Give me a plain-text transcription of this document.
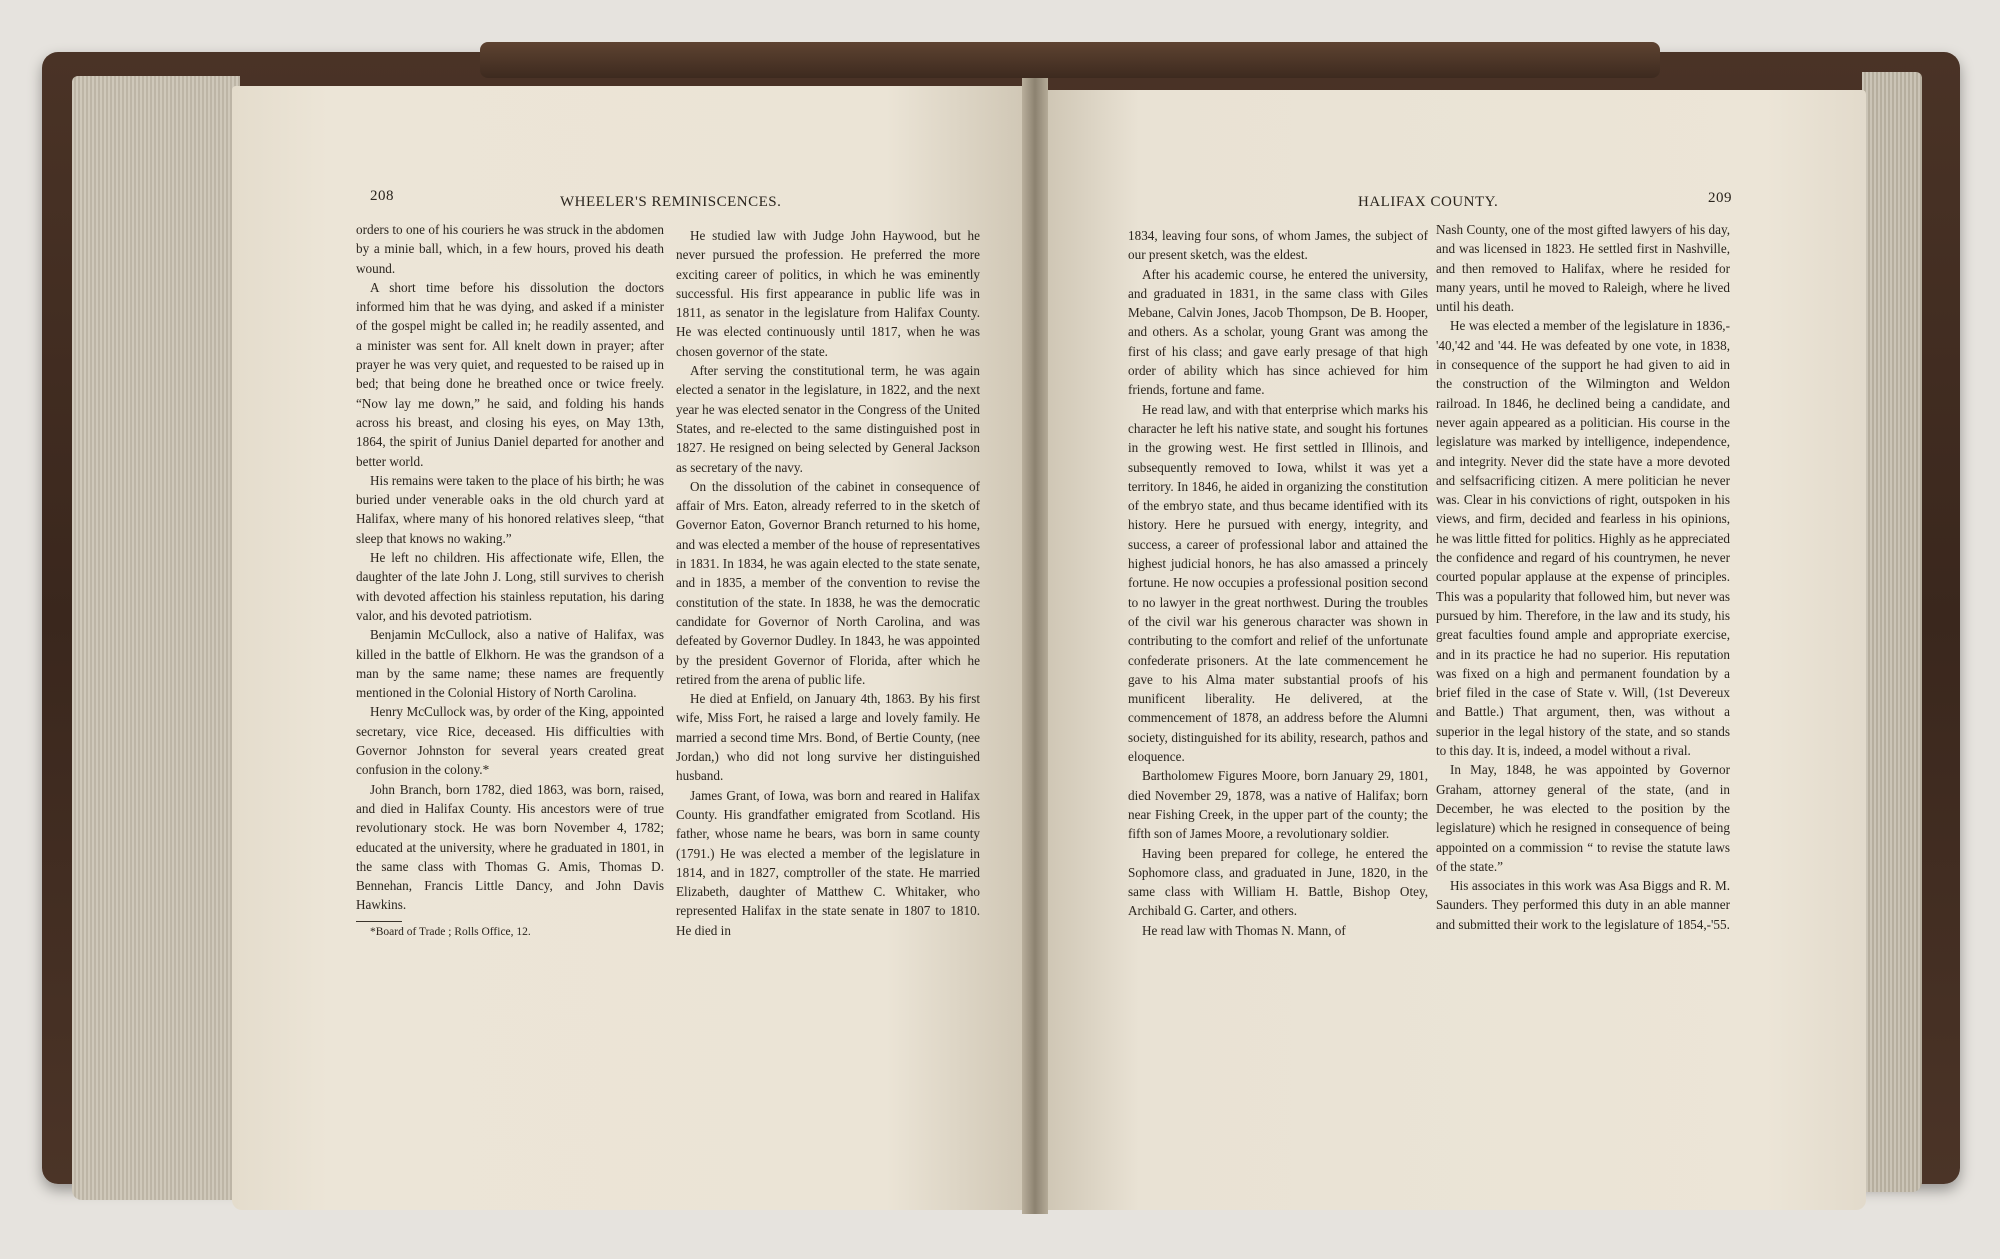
208	WHEELER'S REMINISCENCES.	HALIFAX COUNTY.	209

orders to one of his couriers he was struck in the abdomen by a minie ball, which, in a few hours, proved his death wound.

A short time before his dissolution the doctors informed him that he was dying, and asked if a minister of the gospel might be called in; he readily assented, and a minister was sent for. All knelt down in prayer; after prayer he was very quiet, and requested to be raised up in bed; that being done he breathed once or twice freely. “Now lay me down,” he said, and folding his hands across his breast, and closing his eyes, on May 13th, 1864, the spirit of Junius Daniel departed for another and better world.

His remains were taken to the place of his birth; he was buried under venerable oaks in the old church yard at Halifax, where many of his honored relatives sleep, “that sleep that knows no waking.”

He left no children. His affectionate wife, Ellen, the daughter of the late John J. Long, still survives to cherish with devoted affection his stainless reputation, his daring valor, and his devoted patriotism.

Benjamin McCullock, also a native of Halifax, was killed in the battle of Elkhorn. He was the grandson of a man by the same name; these names are frequently mentioned in the Colonial History of North Carolina.

Henry McCullock was, by order of the King, appointed secretary, vice Rice, deceased. His difficulties with Governor Johnston for several years created great confusion in the colony.*

John Branch, born 1782, died 1863, was born, raised, and died in Halifax County. His ancestors were of true revolutionary stock. He was born November 4, 1782; educated at the university, where he graduated in 1801, in the same class with Thomas G. Amis, Thomas D. Bennehan, Francis Little Dancy, and John Davis Hawkins.

*Board of Trade ; Rolls Office, 12.

He studied law with Judge John Haywood, but he never pursued the profession. He preferred the more exciting career of politics, in which he was eminently successful. His first appearance in public life was in 1811, as senator in the legislature from Halifax County. He was elected continuously until 1817, when he was chosen governor of the state.

After serving the constitutional term, he was again elected a senator in the legislature, in 1822, and the next year he was elected senator in the Congress of the United States, and re-elected to the same distinguished post in 1827. He resigned on being selected by General Jackson as secretary of the navy.

On the dissolution of the cabinet in consequence of affair of Mrs. Eaton, already referred to in the sketch of Governor Eaton, Governor Branch returned to his home, and was elected a member of the house of representatives in 1831. In 1834, he was again elected to the state senate, and in 1835, a member of the convention to revise the constitution of the state. In 1838, he was the democratic candidate for Governor of North Carolina, and was defeated by Governor Dudley. In 1843, he was appointed by the president Governor of Florida, after which he retired from the arena of public life.

He died at Enfield, on January 4th, 1863. By his first wife, Miss Fort, he raised a large and lovely family. He married a second time Mrs. Bond, of Bertie County, (nee Jordan,) who did not long survive her distinguished husband.

James Grant, of Iowa, was born and reared in Halifax County. His grandfather emigrated from Scotland. His father, whose name he bears, was born in same county (1791.) He was elected a member of the legislature in 1814, and in 1827, comptroller of the state. He married Elizabeth, daughter of Matthew C. Whitaker, who represented Halifax in the state senate in 1807 to 1810. He died in

1834, leaving four sons, of whom James, the subject of our present sketch, was the eldest.

After his academic course, he entered the university, and graduated in 1831, in the same class with Giles Mebane, Calvin Jones, Jacob Thompson, De B. Hooper, and others. As a scholar, young Grant was among the first of his class; and gave early presage of that high order of ability which has since achieved for him friends, fortune and fame.

He read law, and with that enterprise which marks his character he left his native state, and sought his fortunes in the growing west. He first settled in Illinois, and subsequently removed to Iowa, whilst it was yet a territory. In 1846, he aided in organizing the constitution of the embryo state, and thus became identified with its history. Here he pursued with energy, integrity, and success, a career of professional labor and attained the highest judicial honors, he has also amassed a princely fortune. He now occupies a professional position second to no lawyer in the great northwest. During the troubles of the civil war his generous character was shown in contributing to the comfort and relief of the unfortunate confederate prisoners. At the late commencement he gave to his Alma mater substantial proofs of his munificent liberality. He delivered, at the commencement of 1878, an address before the Alumni society, distinguished for its ability, research, pathos and eloquence.

Bartholomew Figures Moore, born January 29, 1801, died November 29, 1878, was a native of Halifax; born near Fishing Creek, in the upper part of the county; the fifth son of James Moore, a revolutionary soldier.

Having been prepared for college, he entered the Sophomore class, and graduated in June, 1820, in the same class with William H. Battle, Bishop Otey, Archibald G. Carter, and others.

He read law with Thomas N. Mann, of

Nash County, one of the most gifted lawyers of his day, and was licensed in 1823. He settled first in Nashville, and then removed to Halifax, where he resided for many years, until he moved to Raleigh, where he lived until his death.

He was elected a member of the legislature in 1836,-'40,'42 and '44. He was defeated by one vote, in 1838, in consequence of the support he had given to aid in the construction of the Wilmington and Weldon railroad. In 1846, he declined being a candidate, and never again appeared as a politician. His course in the legislature was marked by intelligence, independence, and integrity. Never did the state have a more devoted and selfsacrificing citizen. A mere politician he never was. Clear in his convictions of right, outspoken in his views, and firm, decided and fearless in his opinions, he was little fitted for politics. Highly as he appreciated the confidence and regard of his countrymen, he never courted popular applause at the expense of principles. This was a popularity that followed him, but never was pursued by him. Therefore, in the law and its study, his great faculties found ample and appropriate exercise, and in its practice he had no superior. His reputation was fixed on a high and permanent foundation by a brief filed in the case of State v. Will, (1st Devereux and Battle.) That argument, then, was without a superior in the legal history of the state, and so stands to this day. It is, indeed, a model without a rival.

In May, 1848, he was appointed by Governor Graham, attorney general of the state, (and in December, he was elected to the position by the legislature) which he resigned in consequence of being appointed on a commission “ to revise the statute laws of the state.”

His associates in this work was Asa Biggs and R. M. Saunders. They performed this duty in an able manner and submitted their work to the legislature of 1854,-'55.
